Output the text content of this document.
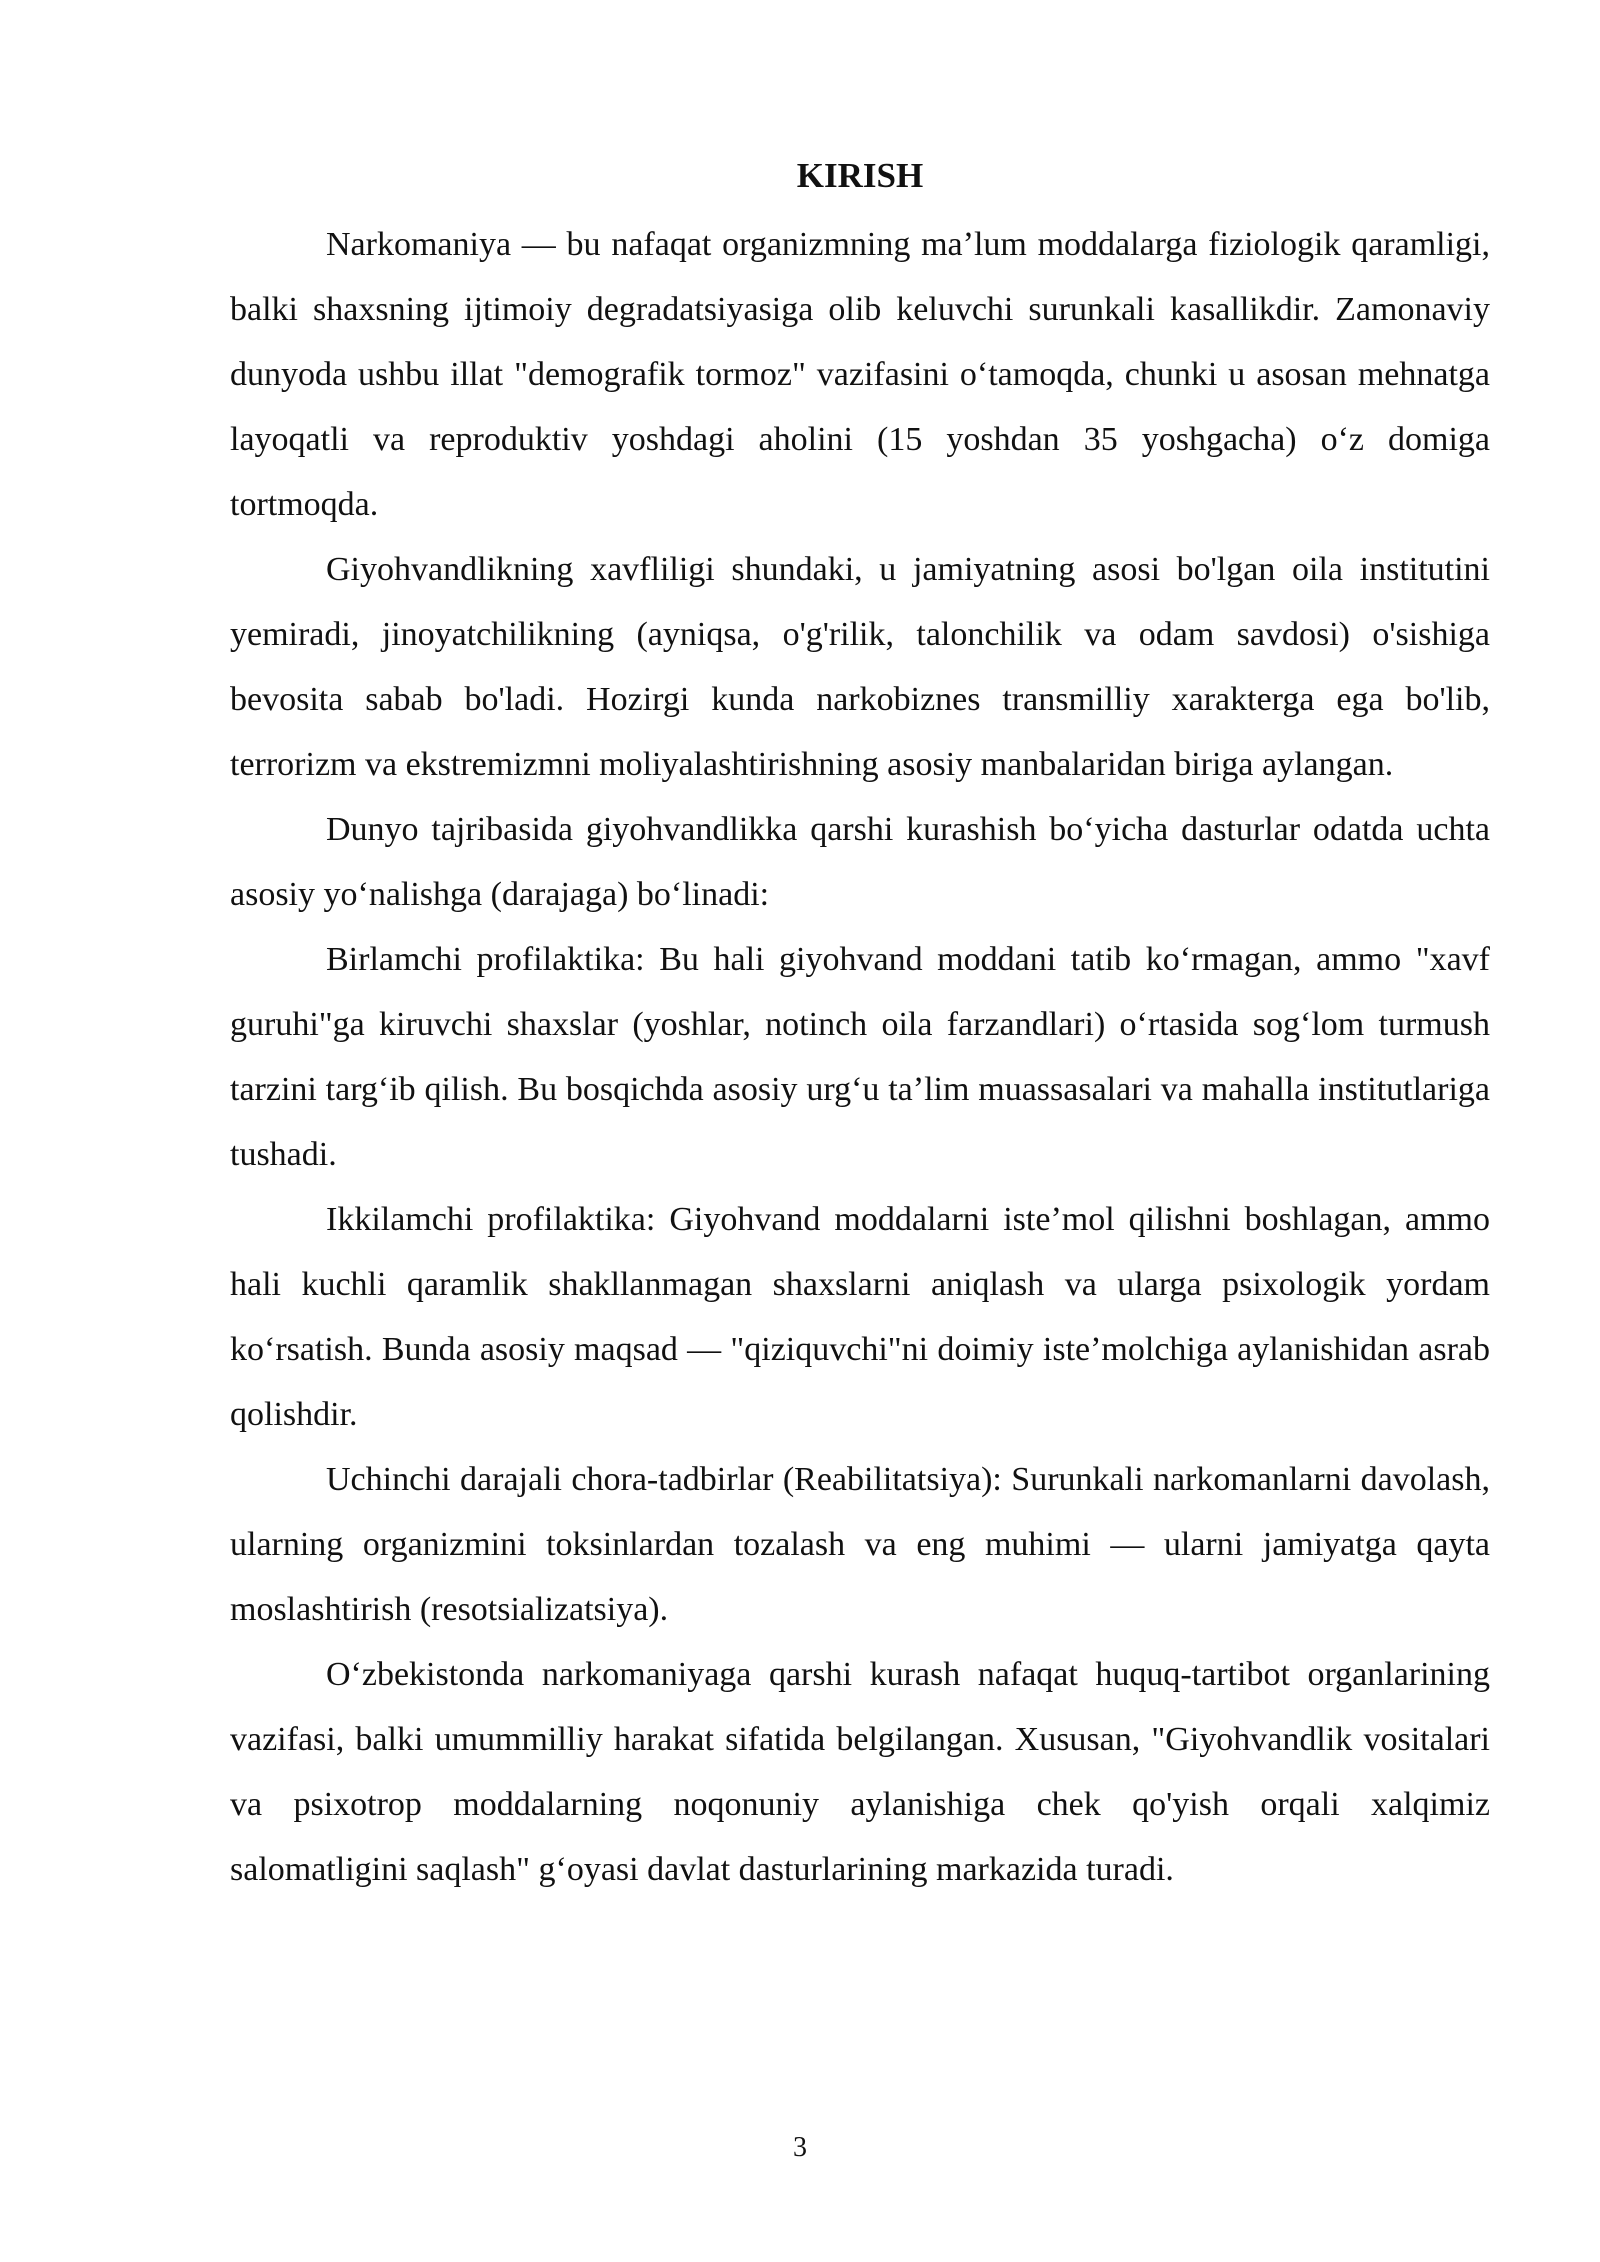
KIRISH

Narkomaniya — bu nafaqat organizmning maʼlum moddalarga fiziologik qaramligi, balki shaxsning ijtimoiy degradatsiyasiga olib keluvchi surunkali kasallikdir. Zamonaviy dunyoda ushbu illat "demografik tormoz" vazifasini oʻtamoqda, chunki u asosan mehnatga layoqatli va reproduktiv yoshdagi aholini (15 yoshdan 35 yoshgacha) oʻz domiga tortmoqda.

Giyohvandlikning xavfliligi shundaki, u jamiyatning asosi bo'lgan oila institutini yemiradi, jinoyatchilikning (ayniqsa, o'g'rilik, talonchilik va odam savdosi) o'sishiga bevosita sabab bo'ladi. Hozirgi kunda narkobiznes transmilliy xarakterga ega bo'lib, terrorizm va ekstremizmni moliyalashtirishning asosiy manbalaridan biriga aylangan.

Dunyo tajribasida giyohvandlikka qarshi kurashish boʻyicha dasturlar odatda uchta asosiy yoʻnalishga (darajaga) boʻlinadi:

Birlamchi profilaktika: Bu hali giyohvand moddani tatib koʻrmagan, ammo "xavf guruhi"ga kiruvchi shaxslar (yoshlar, notinch oila farzandlari) oʻrtasida sogʻlom turmush tarzini targʻib qilish. Bu bosqichda asosiy urgʻu taʼlim muassasalari va mahalla institutlariga tushadi.

Ikkilamchi profilaktika: Giyohvand moddalarni isteʼmol qilishni boshlagan, ammo hali kuchli qaramlik shakllanmagan shaxslarni aniqlash va ularga psixologik yordam koʻrsatish. Bunda asosiy maqsad — "qiziquvchi"ni doimiy isteʼmolchiga aylanishidan asrab qolishdir.

Uchinchi darajali chora-tadbirlar (Reabilitatsiya): Surunkali narkomanlarni davolash, ularning organizmini toksinlardan tozalash va eng muhimi — ularni jamiyatga qayta moslashtirish (resotsializatsiya).

Oʻzbekistonda narkomaniyaga qarshi kurash nafaqat huquq-tartibot organlarining vazifasi, balki umummilliy harakat sifatida belgilangan. Xususan, "Giyohvandlik vositalari va psixotrop moddalarning noqonuniy aylanishiga chek qo'yish orqali xalqimiz salomatligini saqlash" gʻoyasi davlat dasturlarining markazida turadi.

3
